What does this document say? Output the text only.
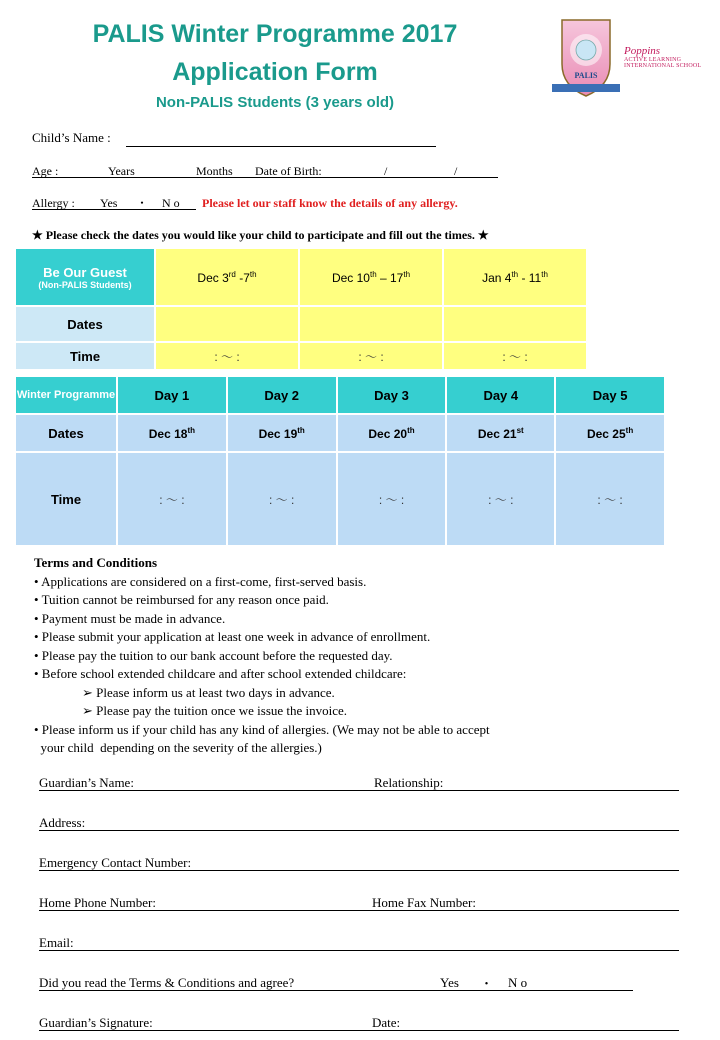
PALIS Winter Programme 2017
Application Form
Non-PALIS Students (3 years old)
PALIS
Poppins
ACTIVE LEARNING
INTERNATIONAL SCHOOL
Child’s Name :
Age :	Years	Months Date of Birth:	/	/
Allergy : Yes ・ N o Please let our staff know the details of any allergy.
★ Please check the dates you would like your child to participate and fill out the times. ★
Be Our Guest
(Non-PALIS Students)	Dec 3rd -7th	Dec 10th – 17th	Jan 4th - 11th
Dates			
Time	: 〜 :	: 〜 :	: 〜 :
Winter Programme	Day 1	Day 2	Day 3	Day 4	Day 5
Dates	Dec 18th	Dec 19th	Dec 20th	Dec 21st	Dec 25th
Time	: 〜 :	: 〜 :	: 〜 :	: 〜 :	: 〜 :
Terms and Conditions
• Applications are considered on a first-come, first-served basis.
• Tuition cannot be reimbursed for any reason once paid.
• Payment must be made in advance.
• Please submit your application at least one week in advance of enrollment.
• Please pay the tuition to our bank account before the requested day.
• Before school extended childcare and after school extended childcare:
➢ Please inform us at least two days in advance.
➢ Please pay the tuition once we issue the invoice.
• Please inform us if your child has any kind of allergies. (We may not be able to accept
your child  depending on the severity of the allergies.)
Guardian’s Name:	Relationship:
Address:
Emergency Contact Number:
Home Phone Number:	Home Fax Number:
Email:
Did you read the Terms & Conditions and agree?	Yes ・ N o
Guardian’s Signature:	Date:
